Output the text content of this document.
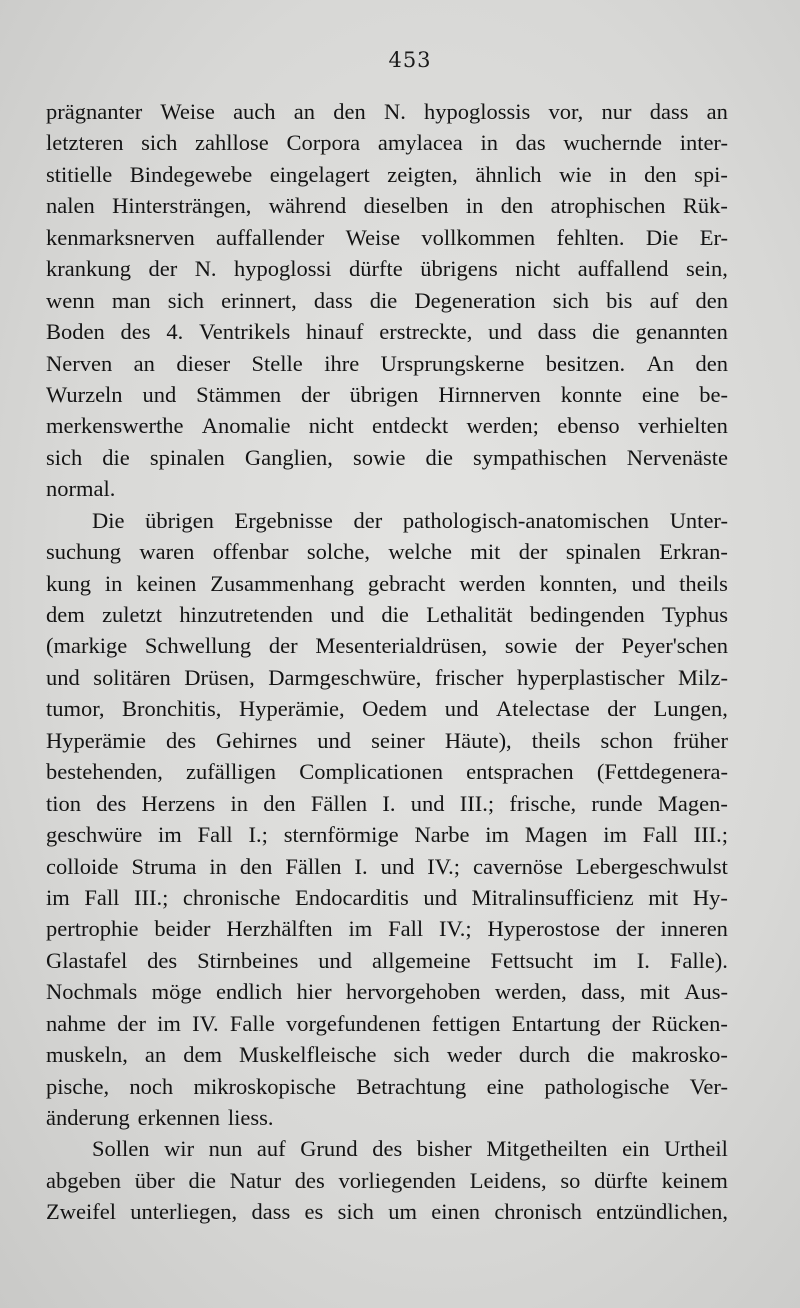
453
prägnanter Weise auch an den N. hypoglossis vor, nur dass an
letzteren sich zahllose Corpora amylacea in das wuchernde inter-
stitielle Bindegewebe eingelagert zeigten, ähnlich wie in den spi-
nalen Hintersträngen, während dieselben in den atrophischen Rük-
kenmarksnerven auffallender Weise vollkommen fehlten. Die Er-
krankung der N. hypoglossi dürfte übrigens nicht auffallend sein,
wenn man sich erinnert, dass die Degeneration sich bis auf den
Boden des 4. Ventrikels hinauf erstreckte, und dass die genannten
Nerven an dieser Stelle ihre Ursprungskerne besitzen. An den
Wurzeln und Stämmen der übrigen Hirnnerven konnte eine be-
merkenswerthe Anomalie nicht entdeckt werden; ebenso verhielten
sich die spinalen Ganglien, sowie die sympathischen Nervenäste
normal.
Die übrigen Ergebnisse der pathologisch-anatomischen Unter-
suchung waren offenbar solche, welche mit der spinalen Erkran-
kung in keinen Zusammenhang gebracht werden konnten, und theils
dem zuletzt hinzutretenden und die Lethalität bedingenden Typhus
(markige Schwellung der Mesenterialdrüsen, sowie der Peyer'schen
und solitären Drüsen, Darmgeschwüre, frischer hyperplastischer Milz-
tumor, Bronchitis, Hyperämie, Oedem und Atelectase der Lungen,
Hyperämie des Gehirnes und seiner Häute), theils schon früher
bestehenden, zufälligen Complicationen entsprachen (Fettdegenera-
tion des Herzens in den Fällen I. und III.; frische, runde Magen-
geschwüre im Fall I.; sternförmige Narbe im Magen im Fall III.;
colloide Struma in den Fällen I. und IV.; cavernöse Lebergeschwulst
im Fall III.; chronische Endocarditis und Mitralinsufficienz mit Hy-
pertrophie beider Herzhälften im Fall IV.; Hyperostose der inneren
Glastafel des Stirnbeines und allgemeine Fettsucht im I. Falle).
Nochmals möge endlich hier hervorgehoben werden, dass, mit Aus-
nahme der im IV. Falle vorgefundenen fettigen Entartung der Rücken-
muskeln, an dem Muskelfleische sich weder durch die makrosko-
pische, noch mikroskopische Betrachtung eine pathologische Ver-
änderung erkennen liess.
Sollen wir nun auf Grund des bisher Mitgetheilten ein Urtheil
abgeben über die Natur des vorliegenden Leidens, so dürfte keinem
Zweifel unterliegen, dass es sich um einen chronisch entzündlichen,
